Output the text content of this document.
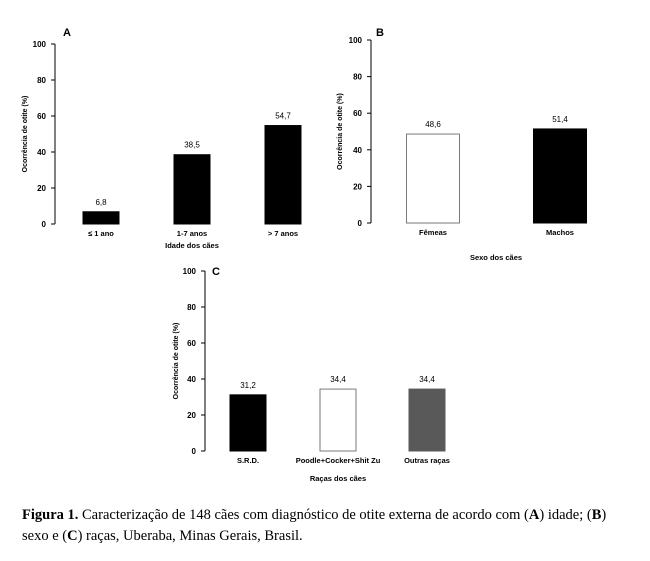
A
0
20
40
60
80
100
Ocorrência de otite (%)
6,8
≤ 1 ano
38,5
1-7 anos
54,7
> 7 anos
Idade dos cães
B
0
20
40
60
80
100
Ocorrência de otite (%)	48,6
Fêmeas
51,4
Machos
Sexo dos cães
C
0
20
40
60
80
100
Ocorrência de otite (%)	31,2
S.R.D.
34,4
Poodle+Cocker+Shit Zu
34,4
Outras raças
Raças dos cães
Figura 1. Caracterização de 148 cães com diagnóstico de otite externa de acordo com (A) idade; (B) sexo e (C) raças, Uberaba, Minas Gerais, Brasil.
